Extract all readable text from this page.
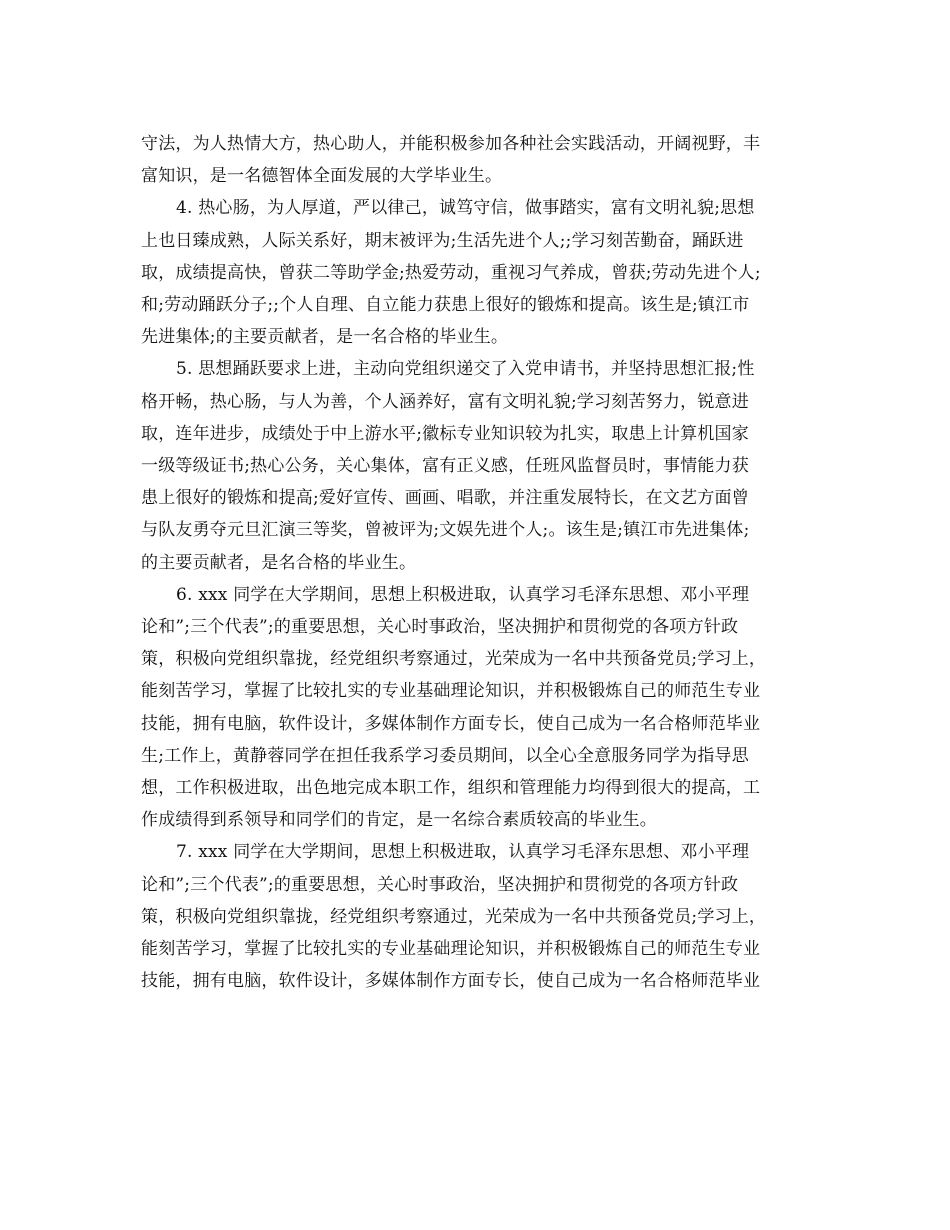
守法，为人热情大方，热心助人，并能积极参加各种社会实践活动，开阔视野，丰
富知识，是一名德智体全面发展的大学毕业生。
4. 热心肠，为人厚道，严以律己，诚笃守信，做事踏实，富有文明礼貌;思想
上也日臻成熟，人际关系好，期末被评为;生活先进个人;;学习刻苦勤奋，踊跃进
取，成绩提高快，曾获二等助学金;热爱劳动，重视习气养成，曾获;劳动先进个人;
和;劳动踊跃分子;;个人自理、自立能力获患上很好的锻炼和提高。该生是;镇江市
先进集体;的主要贡献者，是一名合格的毕业生。
5. 思想踊跃要求上进，主动向党组织递交了入党申请书，并坚持思想汇报;性
格开畅，热心肠，与人为善，个人涵养好，富有文明礼貌;学习刻苦努力，锐意进
取，连年进步，成绩处于中上游水平;徽标专业知识较为扎实，取患上计算机国家
一级等级证书;热心公务，关心集体，富有正义感，任班风监督员时，事情能力获
患上很好的锻炼和提高;爱好宣传、画画、唱歌，并注重发展特长，在文艺方面曾
与队友勇夺元旦汇演三等奖，曾被评为;文娱先进个人;。该生是;镇江市先进集体;
的主要贡献者，是名合格的毕业生。
6. xxx 同学在大学期间，思想上积极进取，认真学习毛泽东思想、邓小平理
论和”;三个代表”;的重要思想，关心时事政治，坚决拥护和贯彻党的各项方针政
策，积极向党组织靠拢，经党组织考察通过，光荣成为一名中共预备党员;学习上，
能刻苦学习，掌握了比较扎实的专业基础理论知识，并积极锻炼自己的师范生专业
技能，拥有电脑，软件设计，多媒体制作方面专长，使自己成为一名合格师范毕业
生;工作上，黄静蓉同学在担任我系学习委员期间，以全心全意服务同学为指导思
想，工作积极进取，出色地完成本职工作，组织和管理能力均得到很大的提高，工
作成绩得到系领导和同学们的肯定，是一名综合素质较高的毕业生。
7. xxx 同学在大学期间，思想上积极进取，认真学习毛泽东思想、邓小平理
论和”;三个代表”;的重要思想，关心时事政治，坚决拥护和贯彻党的各项方针政
策，积极向党组织靠拢，经党组织考察通过，光荣成为一名中共预备党员;学习上，
能刻苦学习，掌握了比较扎实的专业基础理论知识，并积极锻炼自己的师范生专业
技能，拥有电脑，软件设计，多媒体制作方面专长，使自己成为一名合格师范毕业
